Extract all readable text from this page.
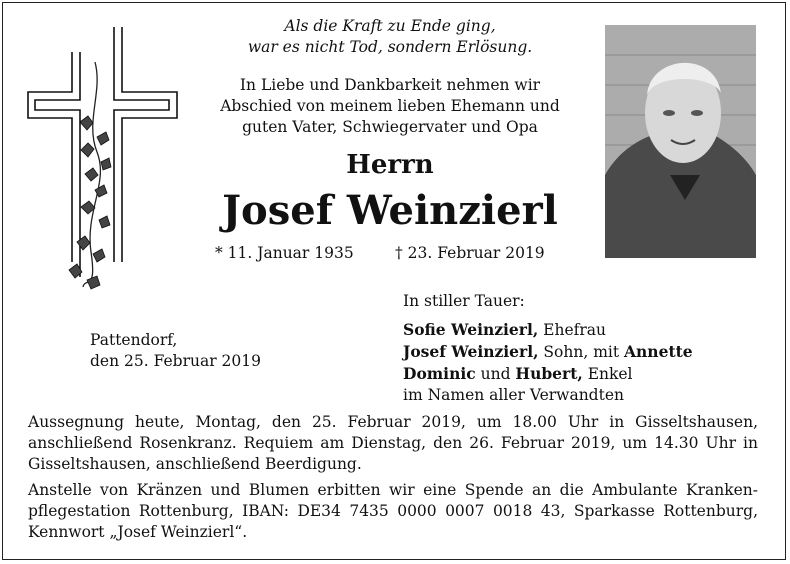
Als die Kraft zu Ende ging,
war es nicht Tod, sondern Erlösung.
In Liebe und Dankbarkeit nehmen wir
Abschied von meinem lieben Ehemann und
guten Vater, Schwiegervater und Opa
Herrn
Josef Weinzierl
* 11. Januar 1935	† 23. Februar 2019
Pattendorf,
den 25. Februar 2019
In stiller Tauer:
Sofie Weinzierl, Ehefrau
Josef Weinzierl, Sohn, mit Annette
Dominic und Hubert, Enkel
im Namen aller Verwandten
Aussegnung heute, Montag, den 25. Februar 2019, um 18.00 Uhr in Gisseltshausen, anschließend Rosenkranz. Requiem am Dienstag, den 26. Februar 2019, um 14.30 Uhr in Gisseltshausen, anschließend Beerdigung.
Anstelle von Kränzen und Blumen erbitten wir eine Spende an die Ambulante Krankenpflegestation Rottenburg, IBAN: DE34 7435 0000 0007 0018 43, Sparkasse Rottenburg, Kennwort „Josef Weinzierl“.
